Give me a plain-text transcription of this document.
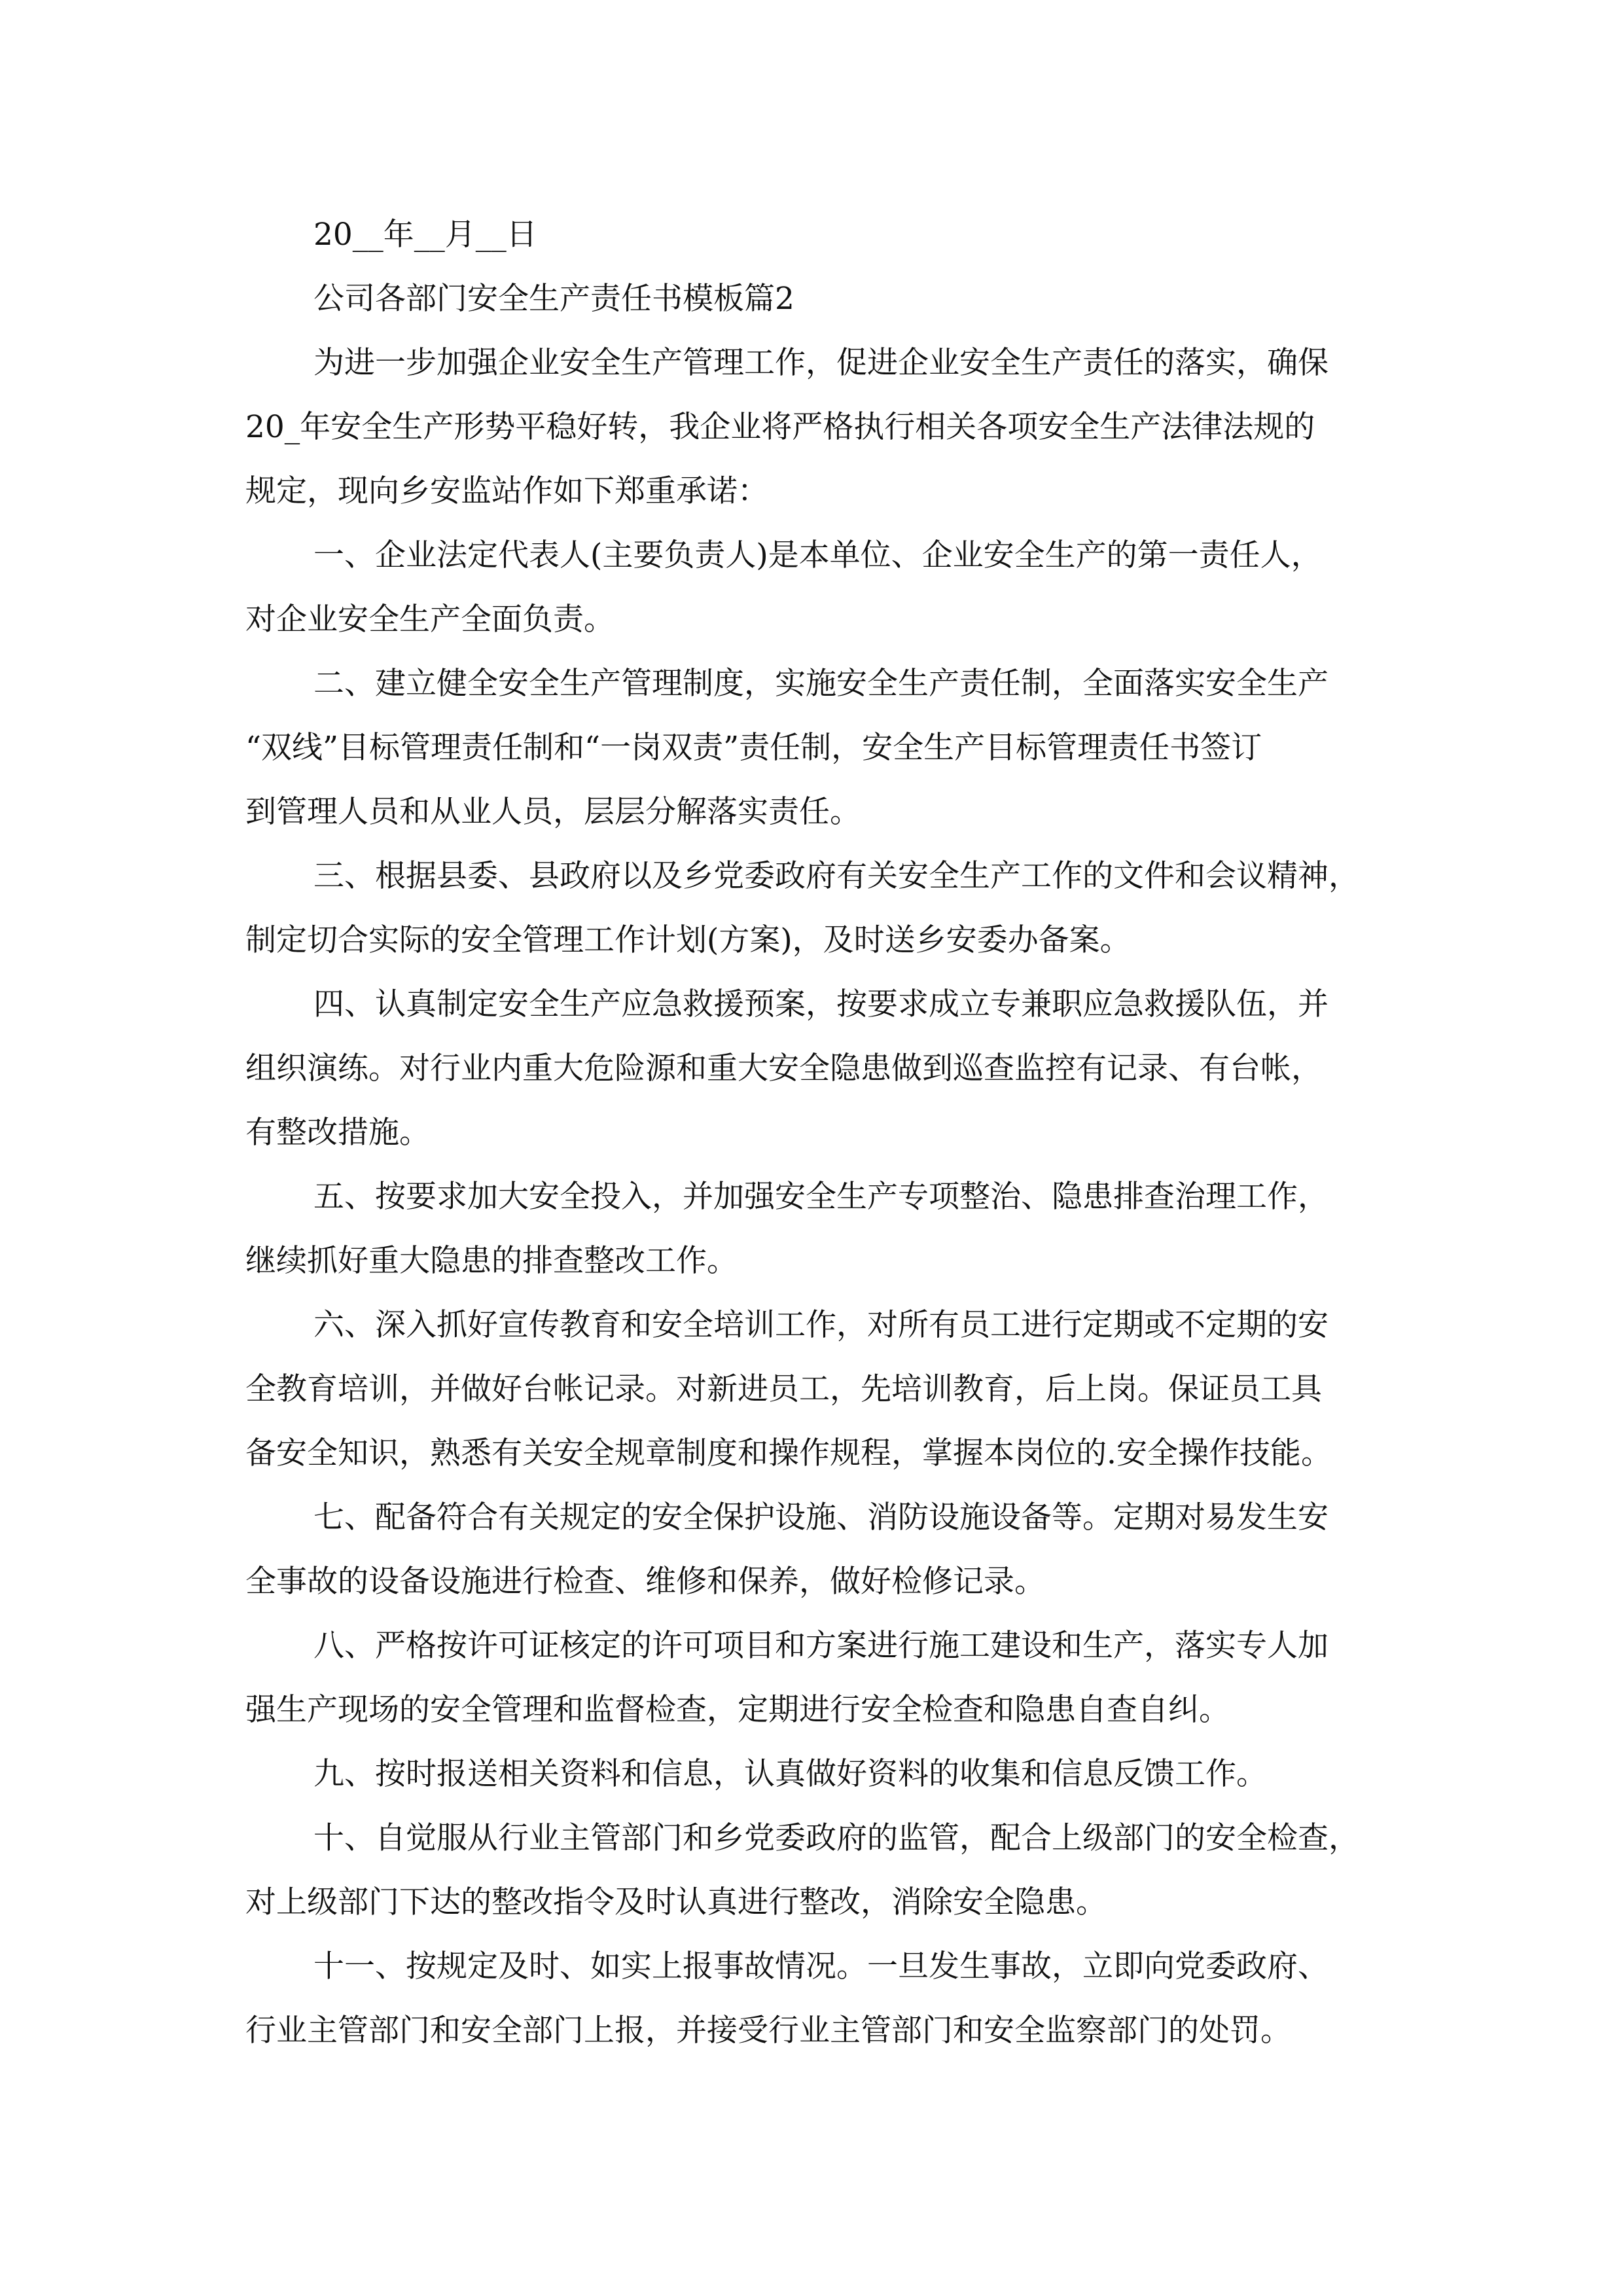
20__年__月__日
公司各部门安全生产责任书模板篇2
为进一步加强企业安全生产管理工作，促进企业安全生产责任的落实，确保
20_年安全生产形势平稳好转，我企业将严格执行相关各项安全生产法律法规的
规定，现向乡安监站作如下郑重承诺：
一、企业法定代表人(主要负责人)是本单位、企业安全生产的第一责任人，
对企业安全生产全面负责。
二、建立健全安全生产管理制度，实施安全生产责任制，全面落实安全生产
“双线”目标管理责任制和“一岗双责”责任制，安全生产目标管理责任书签订
到管理人员和从业人员，层层分解落实责任。
三、根据县委、县政府以及乡党委政府有关安全生产工作的文件和会议精神，
制定切合实际的安全管理工作计划(方案)，及时送乡安委办备案。
四、认真制定安全生产应急救援预案，按要求成立专兼职应急救援队伍，并
组织演练。对行业内重大危险源和重大安全隐患做到巡查监控有记录、有台帐，
有整改措施。
五、按要求加大安全投入，并加强安全生产专项整治、隐患排查治理工作，
继续抓好重大隐患的排查整改工作。
六、深入抓好宣传教育和安全培训工作，对所有员工进行定期或不定期的安
全教育培训，并做好台帐记录。对新进员工，先培训教育，后上岗。保证员工具
备安全知识，熟悉有关安全规章制度和操作规程，掌握本岗位的.安全操作技能。
七、配备符合有关规定的安全保护设施、消防设施设备等。定期对易发生安
全事故的设备设施进行检查、维修和保养，做好检修记录。
八、严格按许可证核定的许可项目和方案进行施工建设和生产，落实专人加
强生产现场的安全管理和监督检查，定期进行安全检查和隐患自查自纠。
九、按时报送相关资料和信息，认真做好资料的收集和信息反馈工作。
十、自觉服从行业主管部门和乡党委政府的监管，配合上级部门的安全检查，
对上级部门下达的整改指令及时认真进行整改，消除安全隐患。
十一、按规定及时、如实上报事故情况。一旦发生事故，立即向党委政府、
行业主管部门和安全部门上报，并接受行业主管部门和安全监察部门的处罚。
